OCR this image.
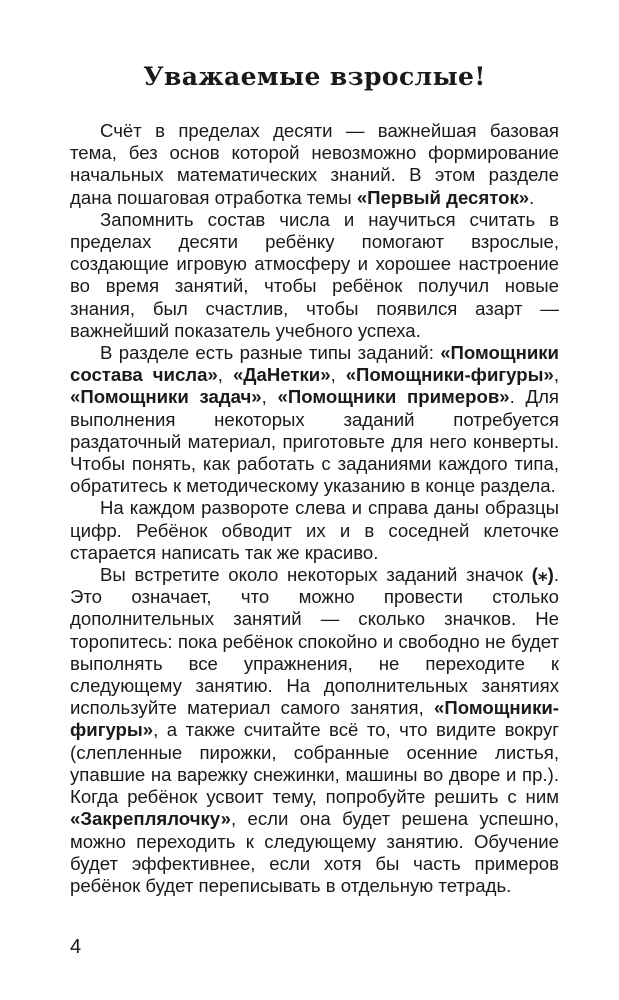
Уважаемые взрослые!

Счёт в пределах десяти — важнейшая базовая тема, без основ которой невозможно формирование начальных математических знаний. В этом разделе дана пошаговая отработка темы «Первый десяток».

Запомнить состав числа и научиться считать в пределах десяти ребёнку помогают взрослые, создающие игровую атмосферу и хорошее настроение во время занятий, чтобы ребёнок получил новые знания, был счастлив, чтобы появился азарт — важнейший показатель учебного успеха.

В разделе есть разные типы заданий: «Помощники состава числа», «ДаНетки», «Помощники-фигуры», «Помощники задач», «Помощники примеров». Для выполнения некоторых заданий потребуется раздаточный материал, приготовьте для него конверты. Чтобы понять, как работать с заданиями каждого типа, обратитесь к методическому указанию в конце раздела.

На каждом развороте слева и справа даны образцы цифр. Ребёнок обводит их и в соседней клеточке старается написать так же красиво.

Вы встретите около некоторых заданий значок (⁎). Это означает, что можно провести столько дополнительных занятий — сколько значков. Не торопитесь: пока ребёнок спокойно и свободно не будет выполнять все упражнения, не переходите к следующему занятию. На дополнительных занятиях используйте материал самого занятия, «Помощники-фигуры», а также считайте всё то, что видите вокруг (слепленные пирожки, собранные осенние листья, упавшие на варежку снежинки, машины во дворе и пр.). Когда ребёнок усвоит тему, попробуйте решить с ним «Закреплялочку», если она будет решена успешно, можно переходить к следующему занятию. Обучение будет эффективнее, если хотя бы часть примеров ребёнок будет переписывать в отдельную тетрадь.

4
